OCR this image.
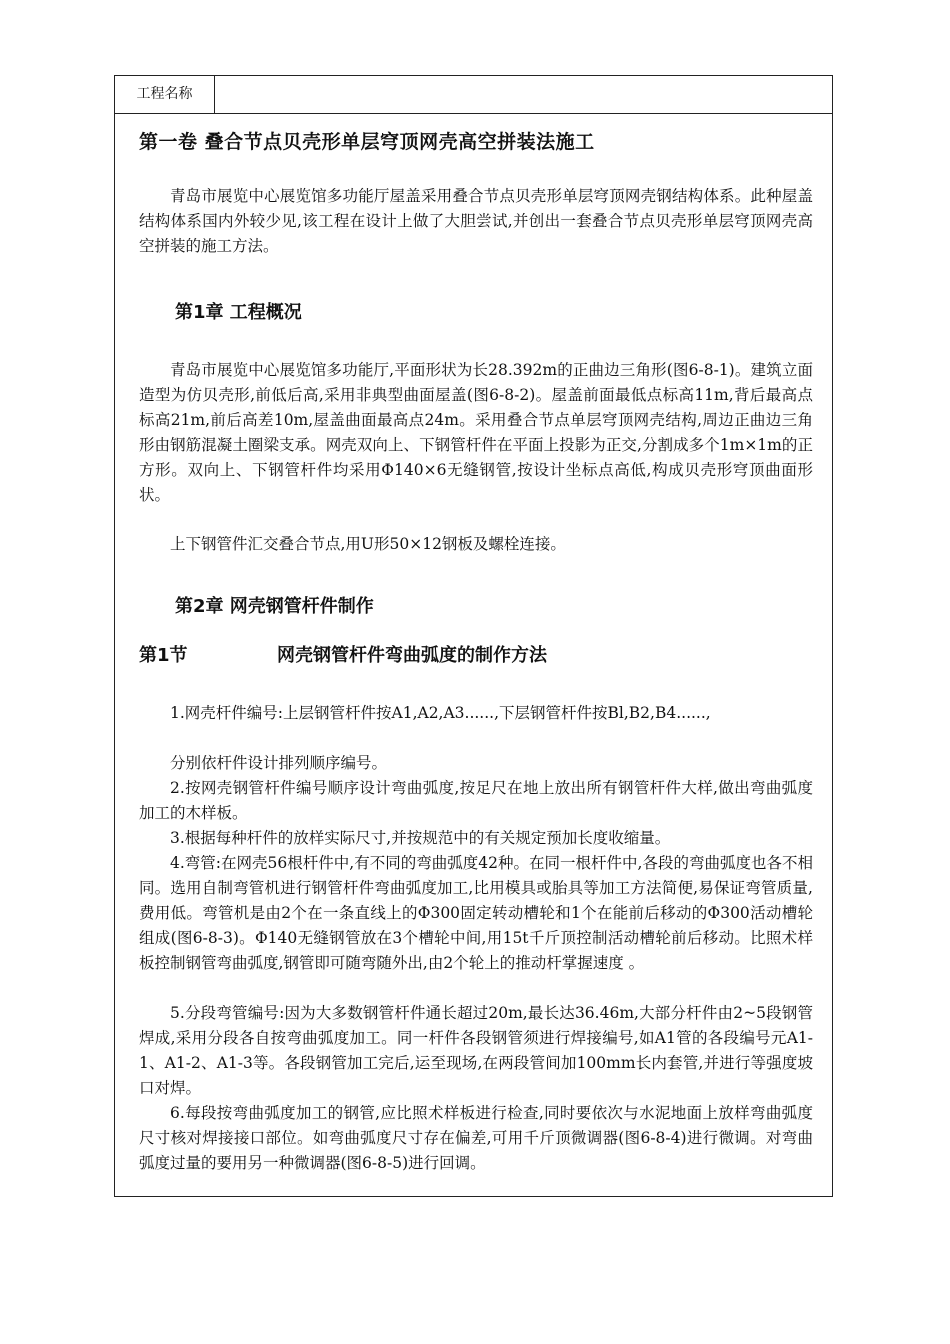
工程名称
第一卷 叠合节点贝壳形单层穹顶网壳高空拼装法施工

青岛市展览中心展览馆多功能厅屋盖采用叠合节点贝壳形单层穹顶网壳钢结构体系。此种屋盖结构体系国内外较少见,该工程在设计上做了大胆尝试,并创出一套叠合节点贝壳形单层穹顶网壳高空拼装的施工方法。

第1章 工程概况

青岛市展览中心展览馆多功能厅,平面形状为长28.392m的正曲边三角形(图6-8-1)。建筑立面造型为仿贝壳形,前低后高,采用非典型曲面屋盖(图6-8-2)。屋盖前面最低点标高11m,背后最高点标高21m,前后高差10m,屋盖曲面最高点24m。采用叠合节点单层穹顶网壳结构,周边正曲边三角形由钢筋混凝土圈梁支承。网壳双向上、下钢管杆件在平面上投影为正交,分割成多个1m×1m的正方形。双向上、下钢管杆件均采用Φ140×6无缝钢管,按设计坐标点高低,构成贝壳形穹顶曲面形状。

上下钢管件汇交叠合节点,用U形50×12钢板及螺栓连接。

第2章 网壳钢管杆件制作
第1节	网壳钢管杆件弯曲弧度的制作方法

1.网壳杆件编号:上层钢管杆件按A1,A2,A3......,下层钢管杆件按Bl,B2,B4......,

分别依杆件设计排列顺序编号。

2.按网壳钢管杆件编号顺序设计弯曲弧度,按足尺在地上放出所有钢管杆件大样,做出弯曲弧度加工的木样板。

3.根据每种杆件的放样实际尺寸,并按规范中的有关规定预加长度收缩量。

4.弯管:在网壳56根杆件中,有不同的弯曲弧度42种。在同一根杆件中,各段的弯曲弧度也各不相同。选用自制弯管机进行钢管杆件弯曲弧度加工,比用模具或胎具等加工方法简便,易保证弯管质量,费用低。弯管机是由2个在一条直线上的Φ300固定转动槽轮和1个在能前后移动的Φ300活动槽轮组成(图6-8-3)。Φ140无缝钢管放在3个槽轮中间,用15t千斤顶控制活动槽轮前后移动。比照术样板控制钢管弯曲弧度,钢管即可随弯随外出,由2个轮上的推动杆掌握速度 。

5.分段弯管编号:因为大多数钢管杆件通长超过20m,最长达36.46m,大部分杆件由2~5段钢管焊成,采用分段各自按弯曲弧度加工。同一杆件各段钢管须进行焊接编号,如A1管的各段编号元A1-1、A1-2、A1-3等。各段钢管加工完后,运至现场,在两段管间加100mm长内套管,并进行等强度坡口对焊。

6.每段按弯曲弧度加工的钢管,应比照术样板进行检查,同时要依次与水泥地面上放样弯曲弧度尺寸核对焊接接口部位。如弯曲弧度尺寸存在偏差,可用千斤顶微调器(图6-8-4)进行微调。对弯曲弧度过量的要用另一种微调器(图6-8-5)进行回调。
